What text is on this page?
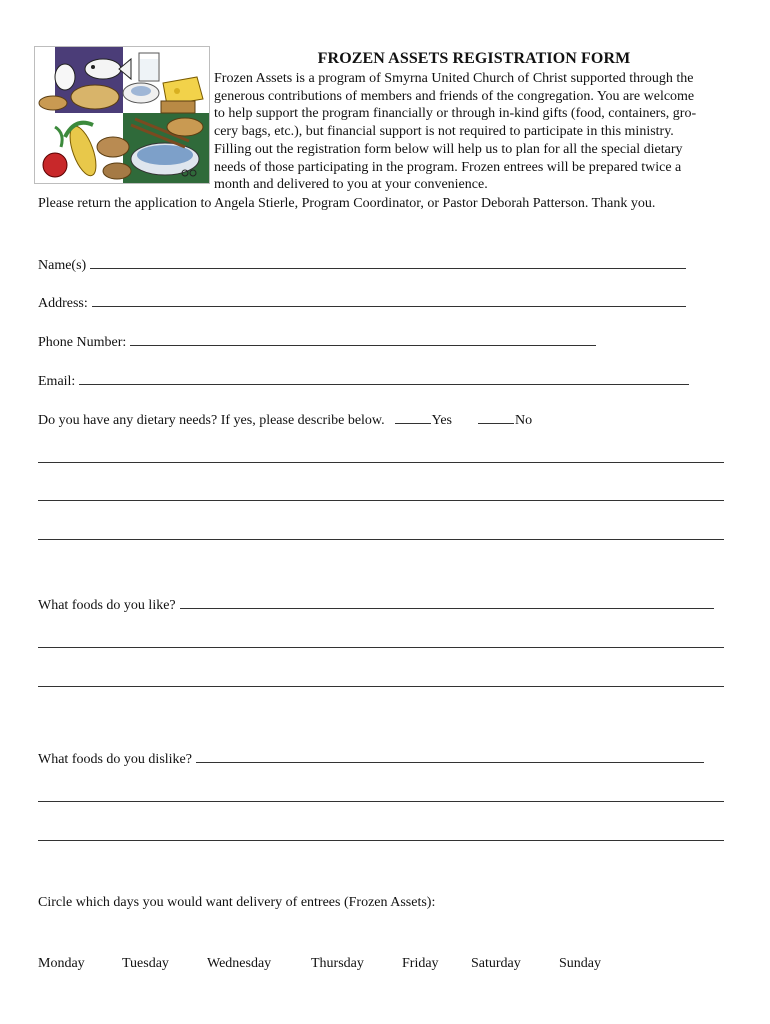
FROZEN ASSETS REGISTRATION FORM
Frozen Assets is a program of Smyrna United Church of Christ supported through the
generous contributions of members and friends of the congregation. You are welcome
to help support the program financially or through in-kind gifts (food, containers, gro-
cery bags, etc.), but financial support is not required to participate in this ministry.
Filling out the registration form below will help us to plan for all the special dietary
needs of those participating in the program. Frozen entrees will be prepared twice a
month and delivered to you at your convenience.
Please return the application to Angela Stierle, Program Coordinator, or Pastor Deborah Patterson. Thank you.
Name(s)
Address:
Phone Number:
Email:
Do you have any dietary needs? If yes, please describe below.	Yes	No
What foods do you like?
What foods do you dislike?
Circle which days you would want delivery of entrees (Frozen Assets):
Monday	Tuesday	Wednesday	Thursday	Friday Saturday	Sunday
